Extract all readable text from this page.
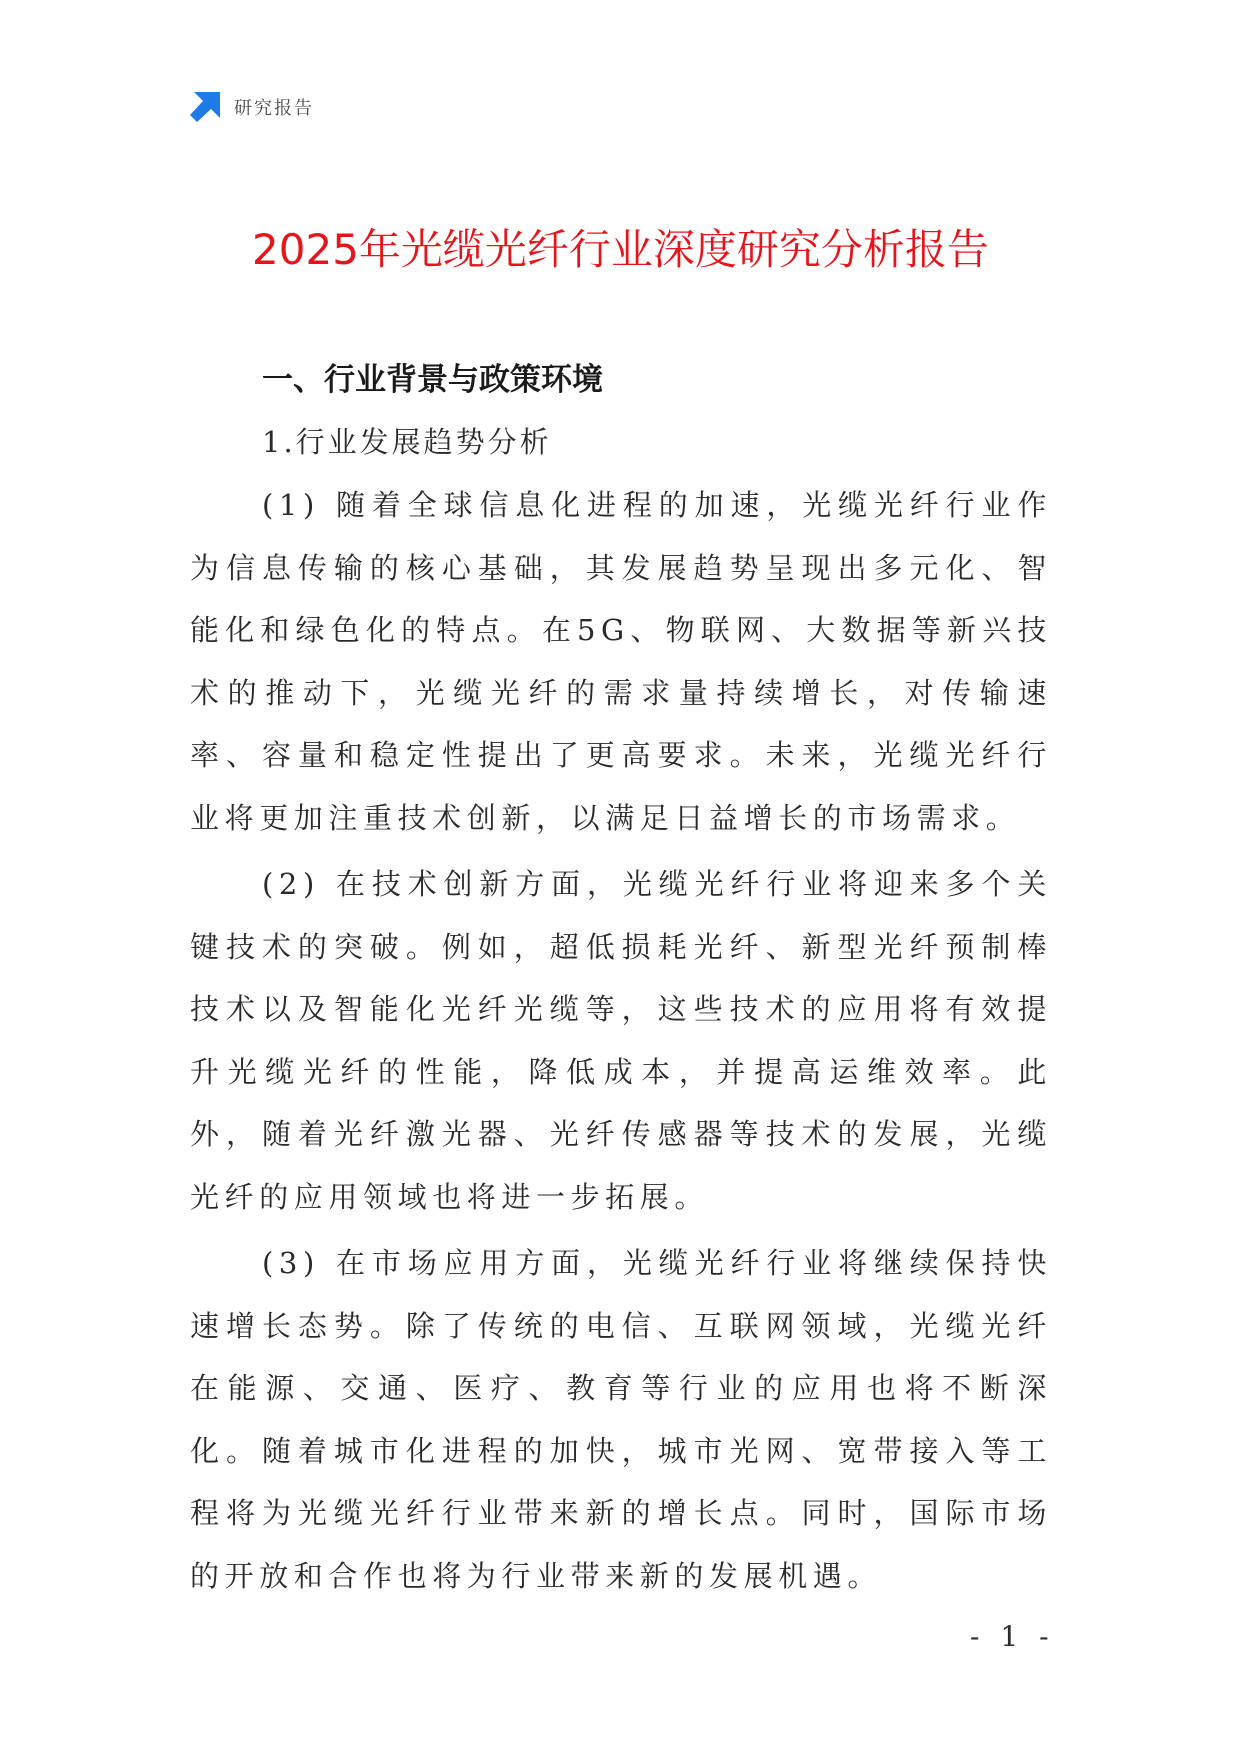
研究报告
2025年光缆光纤行业深度研究分析报告
一、行业背景与政策环境
1.行业发展趋势分析

(1) 随着全球信息化进程的加速，光缆光纤行业作为信息传输的核心基础，其发展趋势呈现出多元化、智能化和绿色化的特点。在5G、物联网、大数据等新兴技术的推动下，光缆光纤的需求量持续增长，对传输速率、容量和稳定性提出了更高要求。未来，光缆光纤行业将更加注重技术创新，以满足日益增长的市场需求。

(2) 在技术创新方面，光缆光纤行业将迎来多个关键技术的突破。例如，超低损耗光纤、新型光纤预制棒技术以及智能化光纤光缆等，这些技术的应用将有效提升光缆光纤的性能，降低成本，并提高运维效率。此外，随着光纤激光器、光纤传感器等技术的发展，光缆光纤的应用领域也将进一步拓展。

(3) 在市场应用方面，光缆光纤行业将继续保持快速增长态势。除了传统的电信、互联网领域，光缆光纤在能源、交通、医疗、教育等行业的应用也将不断深化。随着城市化进程的加快，城市光网、宽带接入等工程将为光缆光纤行业带来新的增长点。同时，国际市场的开放和合作也将为行业带来新的发展机遇。

- 1 -
